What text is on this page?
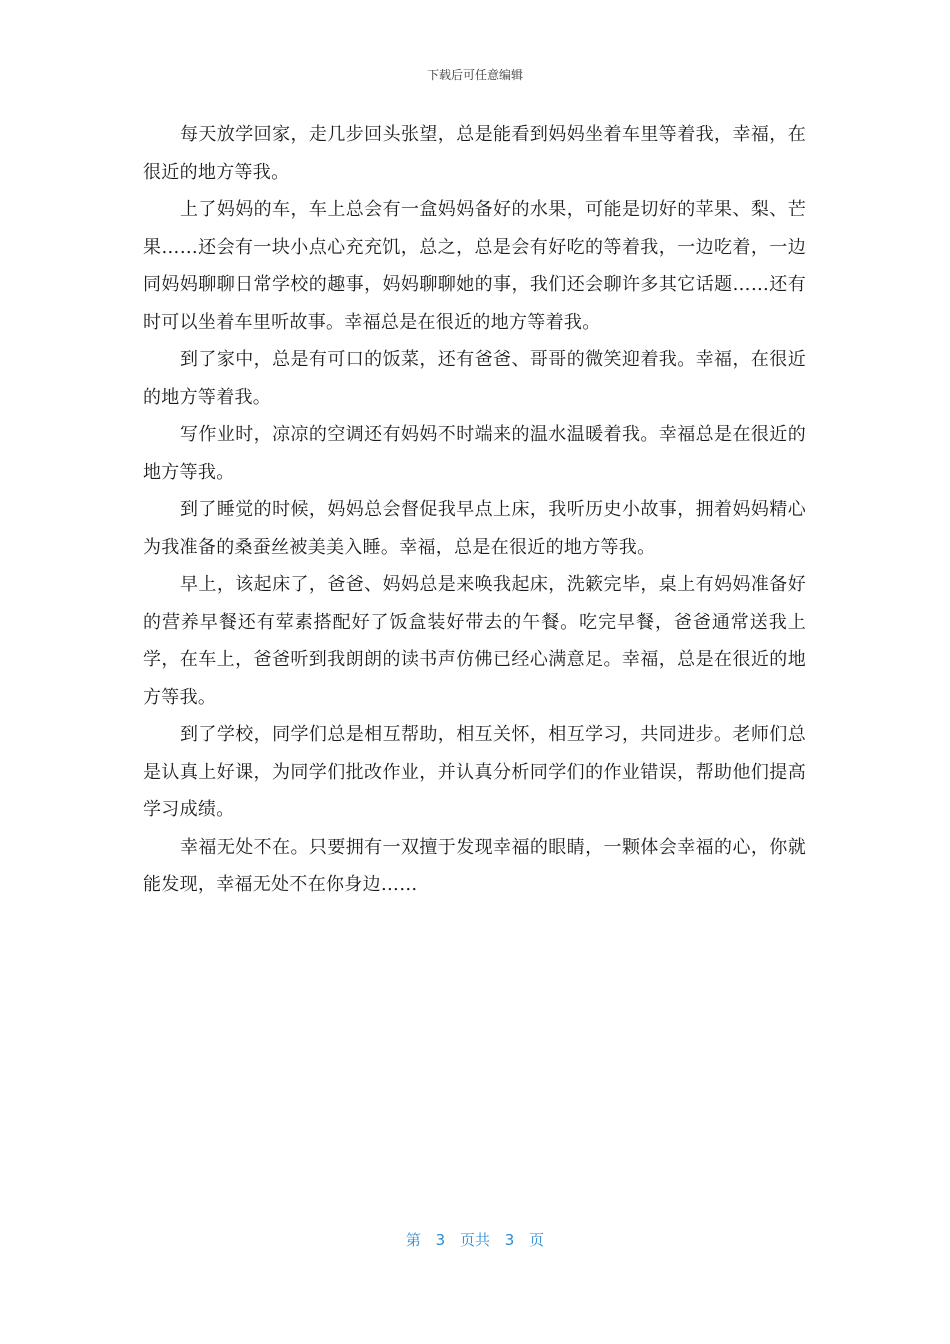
下载后可任意编辑

每天放学回家，走几步回头张望，总是能看到妈妈坐着车里等着我，幸福，在很近的地方等我。

上了妈妈的车，车上总会有一盒妈妈备好的水果，可能是切好的苹果、梨、芒果……还会有一块小点心充充饥，总之，总是会有好吃的等着我，一边吃着，一边同妈妈聊聊日常学校的趣事，妈妈聊聊她的事，我们还会聊许多其它话题……还有时可以坐着车里听故事。幸福总是在很近的地方等着我。

到了家中，总是有可口的饭菜，还有爸爸、哥哥的微笑迎着我。幸福，在很近的地方等着我。

写作业时，凉凉的空调还有妈妈不时端来的温水温暖着我。幸福总是在很近的地方等我。

到了睡觉的时候，妈妈总会督促我早点上床，我听历史小故事，拥着妈妈精心为我准备的桑蚕丝被美美入睡。幸福，总是在很近的地方等我。

早上，该起床了，爸爸、妈妈总是来唤我起床，洗簌完毕，桌上有妈妈准备好的营养早餐还有荤素搭配好了饭盒装好带去的午餐。吃完早餐，爸爸通常送我上学，在车上，爸爸听到我朗朗的读书声仿佛已经心满意足。幸福，总是在很近的地方等我。

到了学校，同学们总是相互帮助，相互关怀，相互学习，共同进步。老师们总是认真上好课，为同学们批改作业，并认真分析同学们的作业错误，帮助他们提高学习成绩。

幸福无处不在。只要拥有一双擅于发现幸福的眼睛，一颗体会幸福的心，你就能发现，幸福无处不在你身边……

第 3 页共 3 页
